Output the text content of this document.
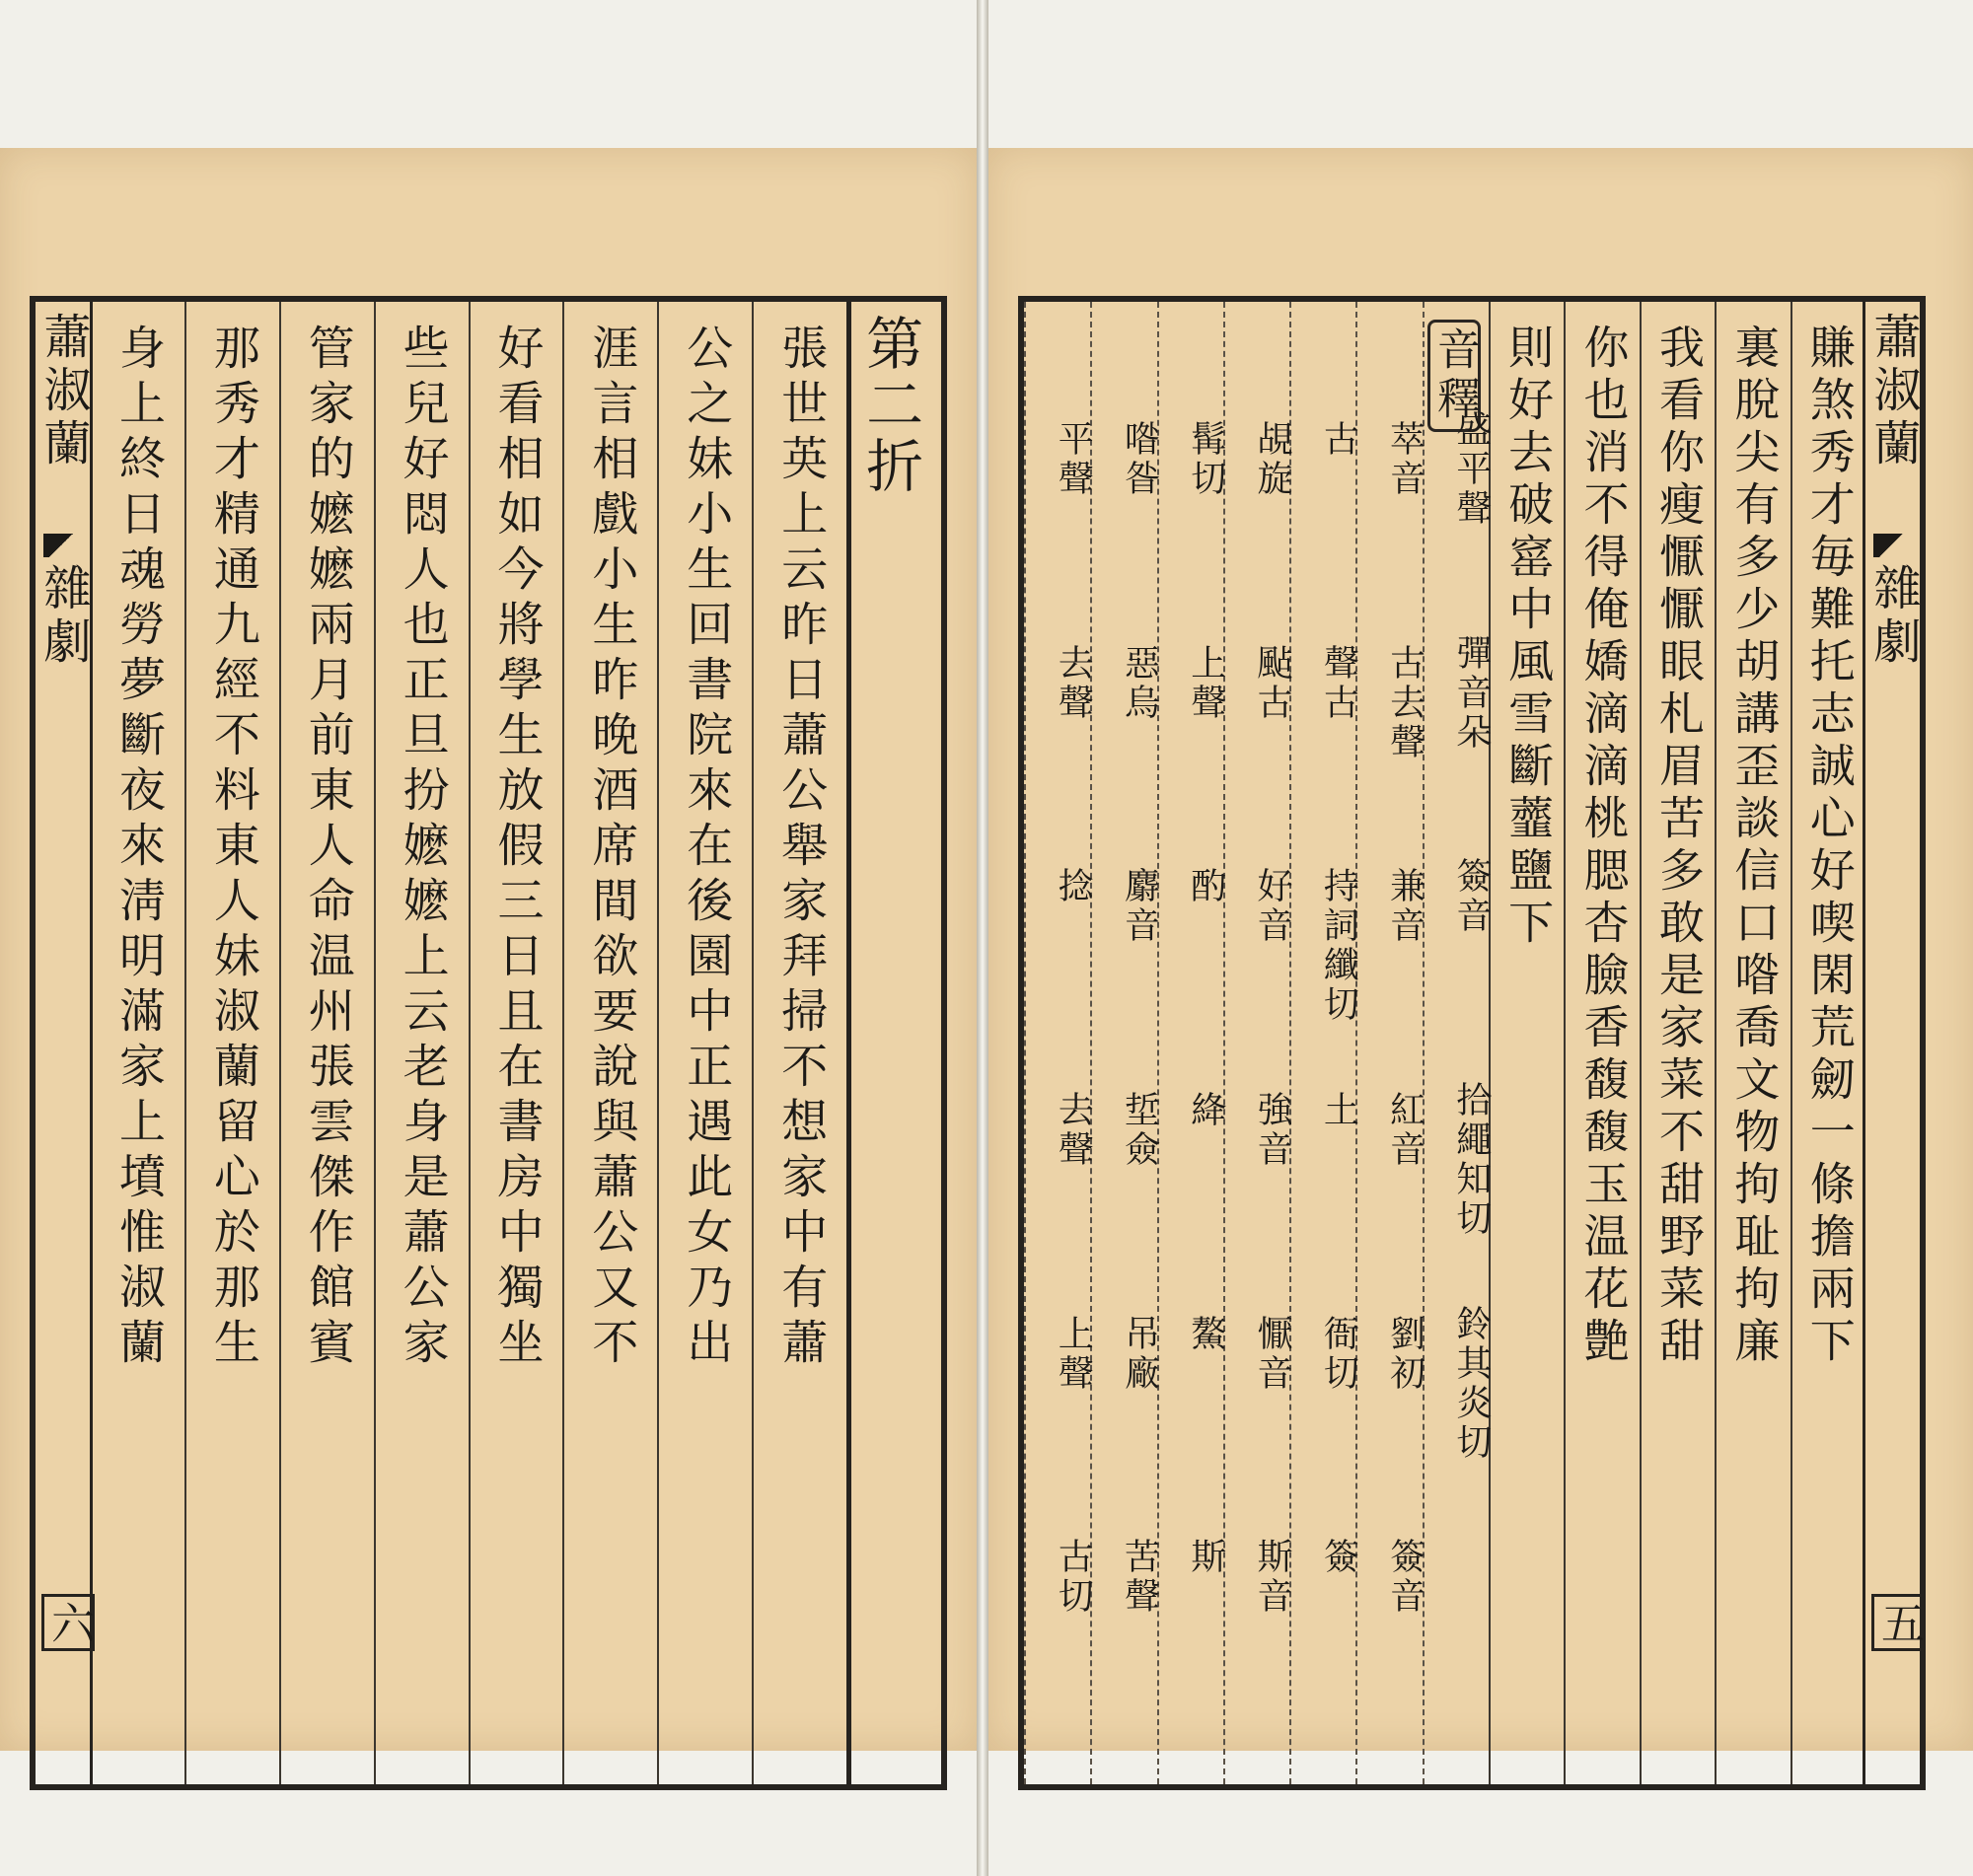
蕭淑蘭
雜劇
六
第二折
張世英上云昨日蕭公舉家拜掃不想家中有蕭
公之妹小生回書院來在後園中正遇此女乃出
涯言相戲小生昨晚酒席間欲要說與蕭公又不
好看相如今將學生放假三日且在書房中獨坐
些兒好悶人也正旦扮嬷嬷上云老身是蕭公家
管家的嬷嬷兩月前東人命温州張雲傑作館賓
那秀才精通九經不料東人妹淑蘭留心於那生
身上終日魂勞夢斷夜來淸明滿家上墳惟淑蘭	蕭淑蘭
雜劇
五
賺煞秀才毎難托志誠心好喫閑荒劒一條擔兩下
裏脫尖有多少胡講歪談信口喒喬文物拘耻拘廉
我看你瘦懨懨眼札眉苦多敢是家菜不甜野菜甜
你也消不得俺嬌滴滴桃腮杏臉香馥馥玉温花艶
則好去破窰中風雪斷虀鹽下
音釋
盛平聲
彈音朵
簽音
拾繩知切
鈴其炎切
萃音
古去聲
兼音
紅音
劉初
簽音
古
聲古
持詞纖切
土
衙切
簽
覘旋
颭古
好音
強音
懨音
斯音
髯切
上聲
酌
絳
鰲
斯
喒昝
惡烏
麝音
埑僉
吊廠
苦聲
平聲
去聲
捻
去聲
上聲
古切
